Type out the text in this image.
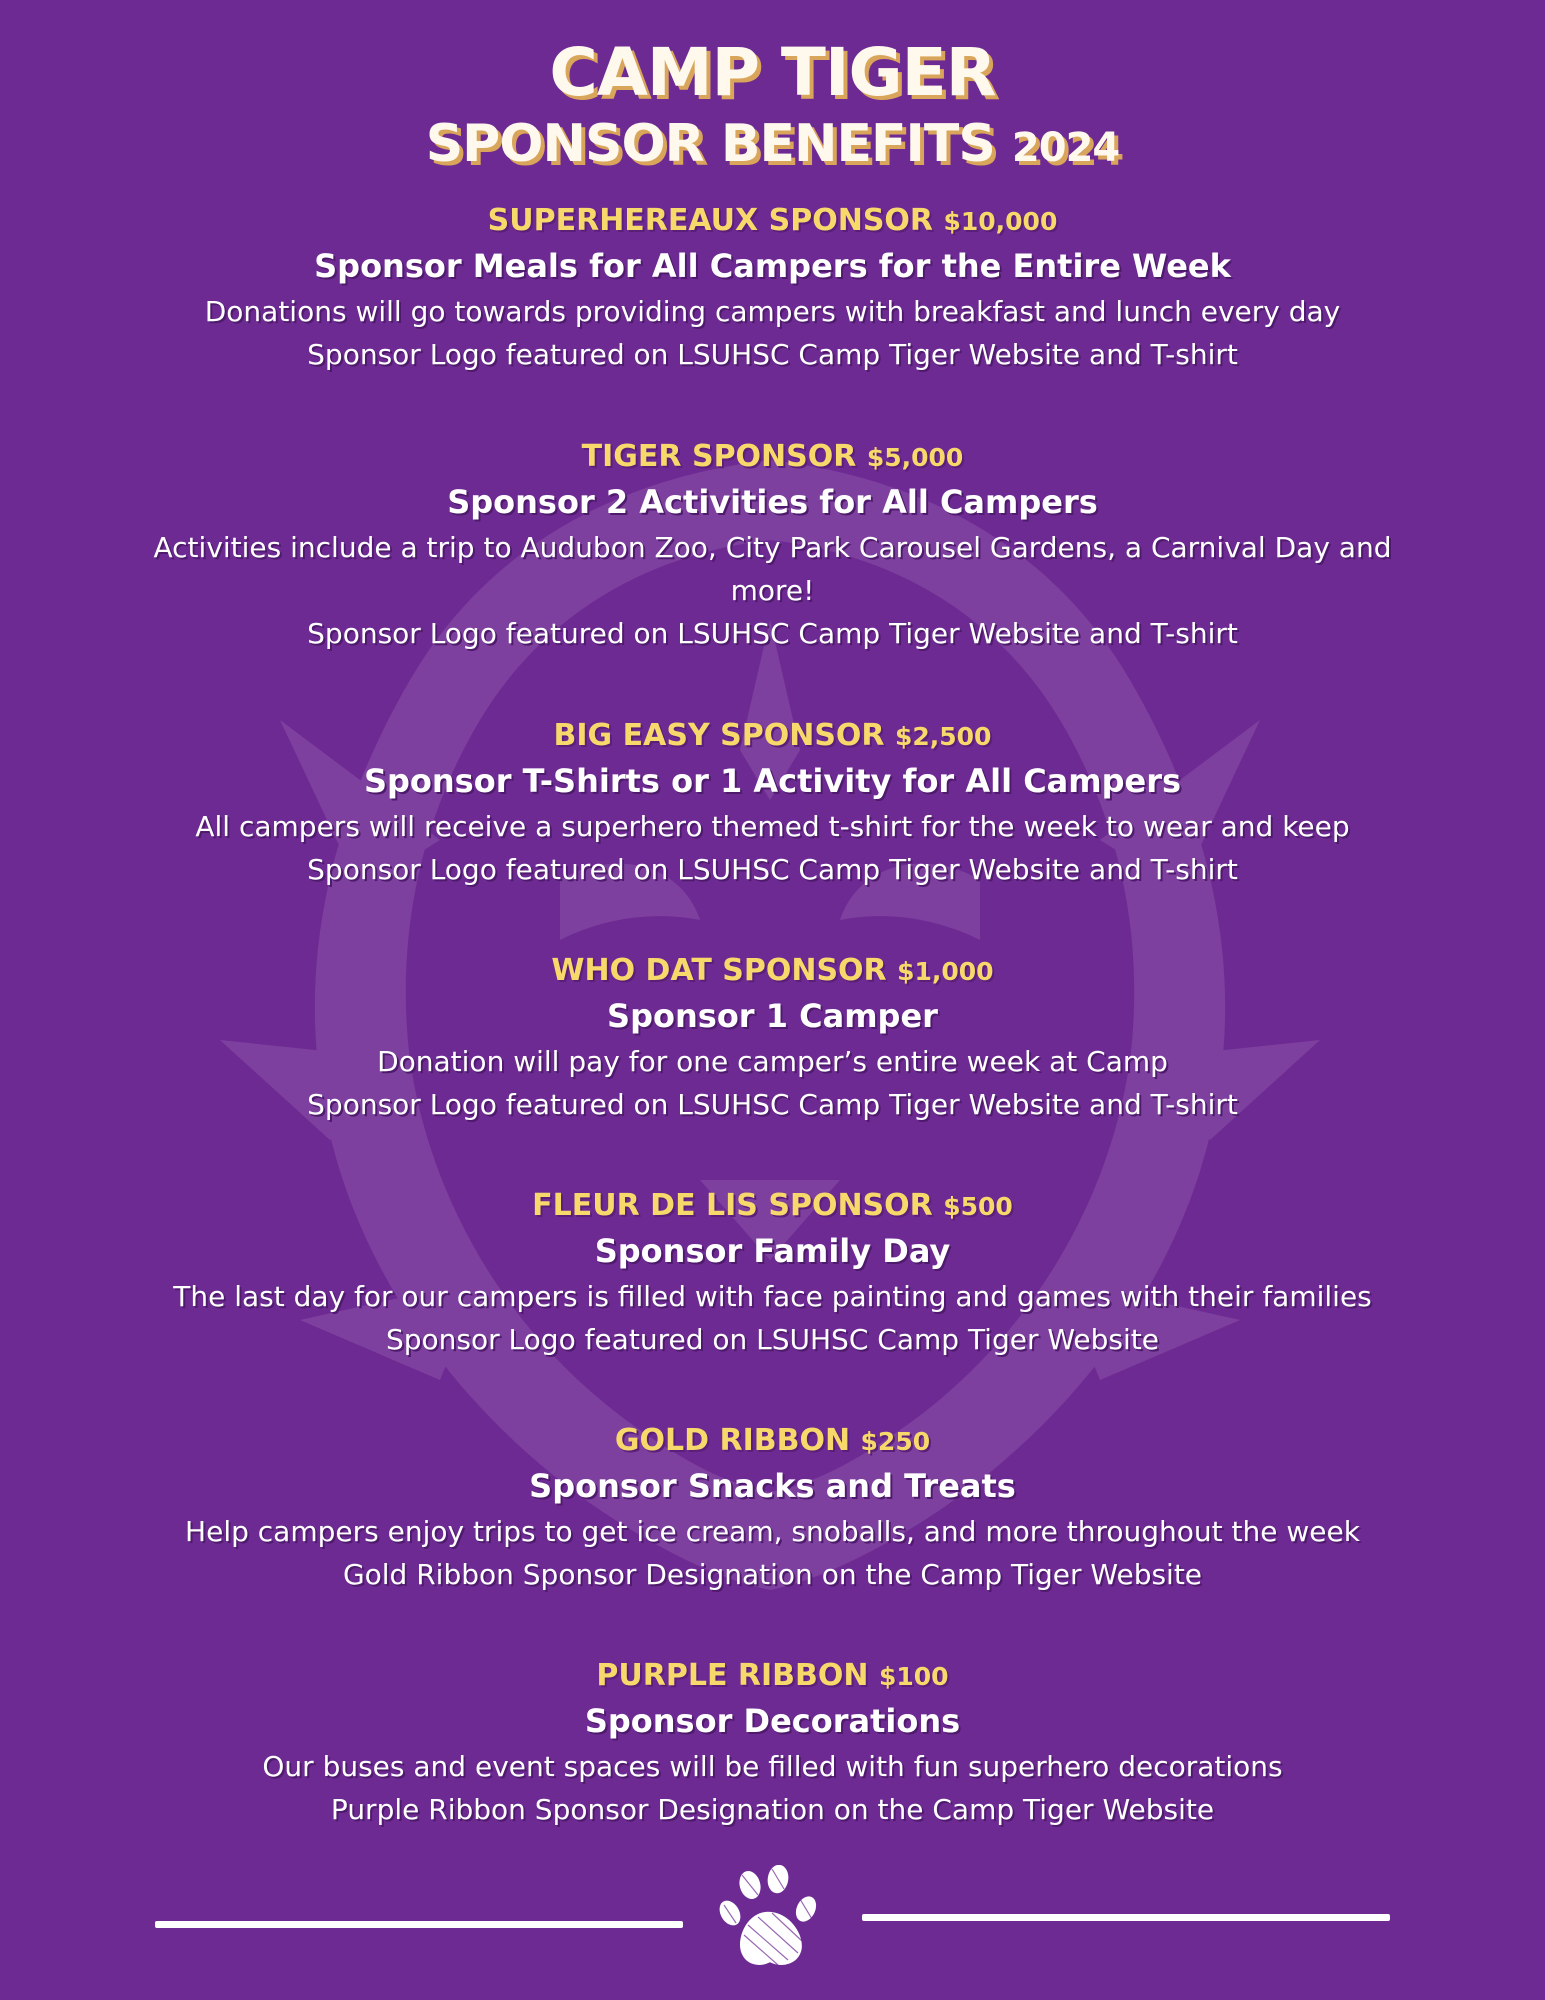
CAMP TIGER
SPONSOR BENEFITS 2024
SUPERHEREAUX SPONSOR $10,000
Sponsor Meals for All Campers for the Entire Week
Donations will go towards providing campers with breakfast and lunch every day
Sponsor Logo featured on LSUHSC Camp Tiger Website and T-shirt
TIGER SPONSOR $5,000
Sponsor 2 Activities for All Campers
Activities include a trip to Audubon Zoo, City Park Carousel Gardens, a Carnival Day and more!
Sponsor Logo featured on LSUHSC Camp Tiger Website and T-shirt
BIG EASY SPONSOR $2,500
Sponsor T-Shirts or 1 Activity for All Campers
All campers will receive a superhero themed t-shirt for the week to wear and keep
Sponsor Logo featured on LSUHSC Camp Tiger Website and T-shirt
WHO DAT SPONSOR $1,000
Sponsor 1 Camper
Donation will pay for one camper’s entire week at Camp
Sponsor Logo featured on LSUHSC Camp Tiger Website and T-shirt
FLEUR DE LIS SPONSOR $500
Sponsor Family Day
The last day for our campers is filled with face painting and games with their families
Sponsor Logo featured on LSUHSC Camp Tiger Website
GOLD RIBBON $250
Sponsor Snacks and Treats
Help campers enjoy trips to get ice cream, snoballs, and more throughout the week
Gold Ribbon Sponsor Designation on the Camp Tiger Website
PURPLE RIBBON $100
Sponsor Decorations
Our buses and event spaces will be filled with fun superhero decorations
Purple Ribbon Sponsor Designation on the Camp Tiger Website
